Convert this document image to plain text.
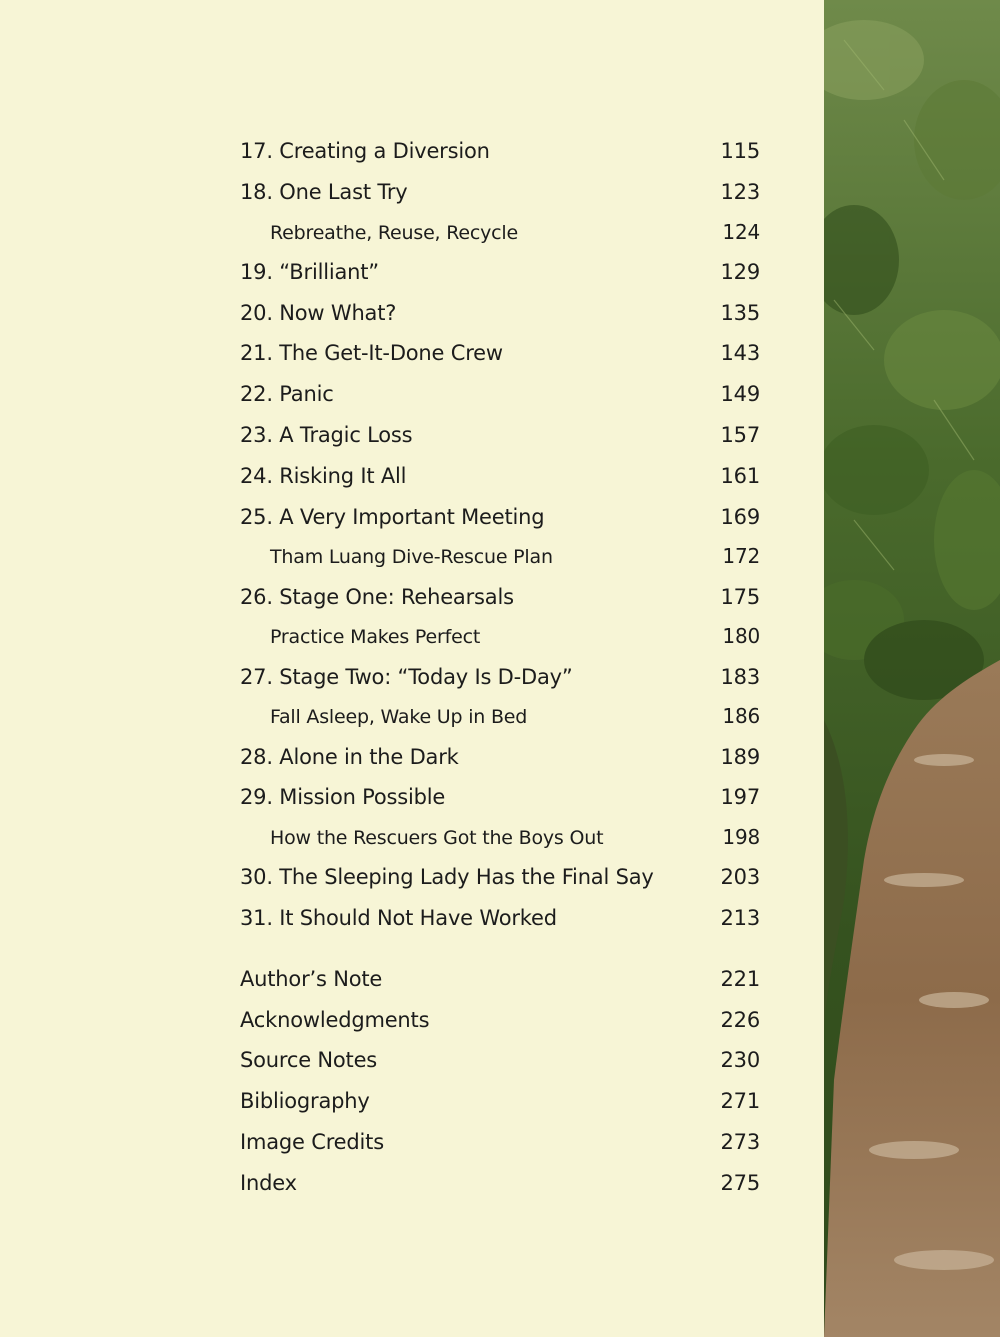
17. Creating a Diversion	115
18. One Last Try	123
Rebreathe, Reuse, Recycle	124
19. “Brilliant”	129
20. Now What?	135
21. The Get-It-Done Crew	143
22. Panic	149
23. A Tragic Loss	157
24. Risking It All	161
25. A Very Important Meeting	169
Tham Luang Dive-Rescue Plan	172
26. Stage One: Rehearsals	175
Practice Makes Perfect	180
27. Stage Two: “Today Is D-Day”	183
Fall Asleep, Wake Up in Bed	186
28. Alone in the Dark	189
29. Mission Possible	197
How the Rescuers Got the Boys Out	198
30. The Sleeping Lady Has the Final Say	203
31. It Should Not Have Worked	213
Author’s Note	221
Acknowledgments	226
Source Notes	230
Bibliography	271
Image Credits	273
Index	275
